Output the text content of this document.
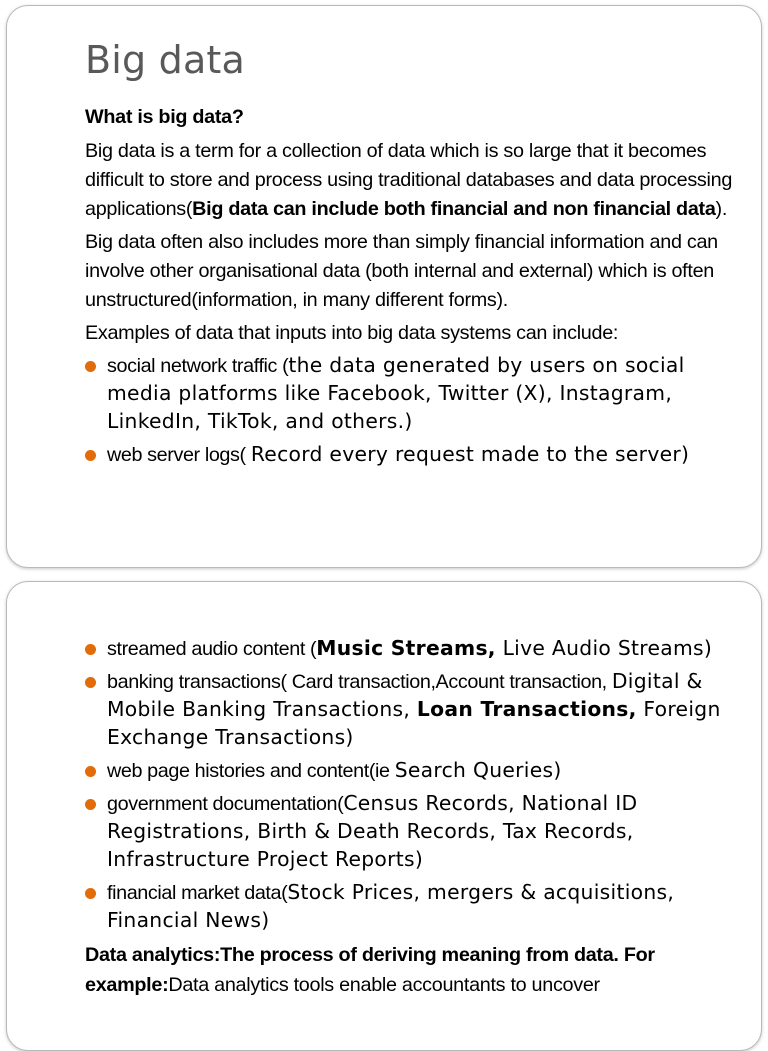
Big data

What is big data?

Big data is a term for a collection of data which is so large that it becomes difficult to store and process using traditional databases and data processing applications(Big data can include both financial and non financial data).

Big data often also includes more than simply financial information and can involve other organisational data (both internal and external) which is often unstructured(information, in many different forms).

Examples of data that inputs into big data systems can include:

social network traffic (the data generated by users on social media platforms like Facebook, Twitter (X), Instagram, LinkedIn, TikTok, and others.)
web server logs( Record every request made to the server)
streamed audio content (Music Streams, Live Audio Streams)
banking transactions( Card transaction,Account transaction, Digital & Mobile Banking Transactions, Loan Transactions, Foreign Exchange Transactions)
web page histories and content(ie Search Queries)
government documentation(Census Records, National ID Registrations, Birth & Death Records, Tax Records, Infrastructure Project Reports)
financial market data(Stock Prices, mergers & acquisitions, Financial News)

Data analytics:The process of deriving meaning from data. For example:Data analytics tools enable accountants to uncover
